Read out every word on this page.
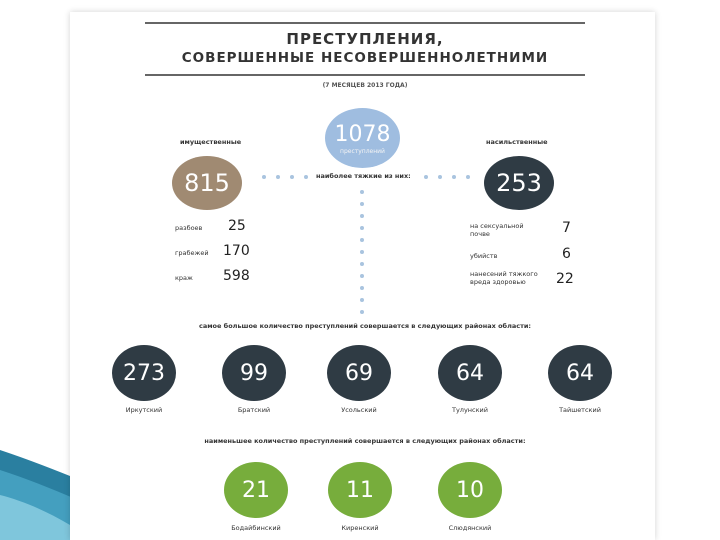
ПРЕСТУПЛЕНИЯ,
СОВЕРШЕННЫЕ НЕСОВЕРШЕННОЛЕТНИМИ
(7 МЕСЯЦЕВ 2013 ГОДА)
1078
преступлений
имущественные
815
разбоев 25
грабежей 170
краж 598
насильственные
253
на сексуальной
почве	7
убийств	6
нанесений тяжкого
вреда здоровью	22
наиболее тяжкие из них:
самое большое количество преступлений совершается в следующих районах области:
273
Иркутский
99
Братский
69
Усольский
64
Тулунский
64
Тайшетский
наименьшее количество преступлений совершается в следующих районах области:
21
Бодайбинский
11
Киренский
10
Слюдянский
